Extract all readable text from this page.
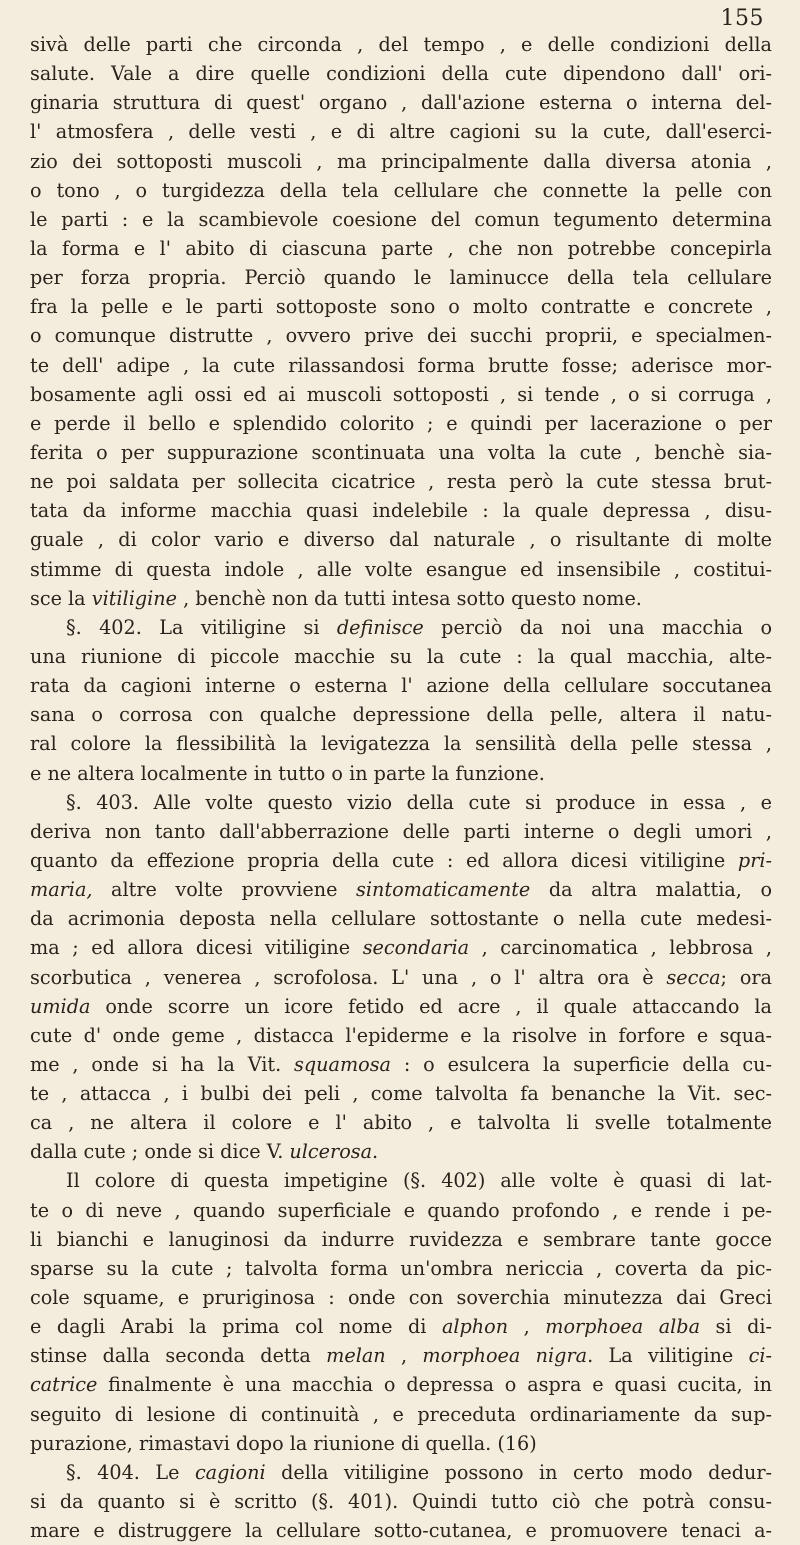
155
sivà delle parti che circonda , del tempo , e delle condizioni della
salute. Vale a dire quelle condizioni della cute dipendono dall' ori-
ginaria struttura di quest' organo , dall'azione esterna o interna del-
l' atmosfera , delle vesti , e di altre cagioni su la cute, dall'eserci-
zio dei sottoposti muscoli , ma principalmente dalla diversa atonia ,
o tono , o turgidezza della tela cellulare che connette la pelle con
le parti : e la scambievole coesione del comun tegumento determina
la forma e l' abito di ciascuna parte , che non potrebbe concepirla
per forza propria. Perciò quando le laminucce della tela cellulare
fra la pelle e le parti sottoposte sono o molto contratte e concrete ,
o comunque distrutte , ovvero prive dei succhi proprii, e specialmen-
te dell' adipe , la cute rilassandosi forma brutte fosse; aderisce mor-
bosamente agli ossi ed ai muscoli sottoposti , si tende , o si corruga ,
e perde il bello e splendido colorito ; e quindi per lacerazione o per
ferita o per suppurazione scontinuata una volta la cute , benchè sia-
ne poi saldata per sollecita cicatrice , resta però la cute stessa brut-
tata da informe macchia quasi indelebile : la quale depressa , disu-
guale , di color vario e diverso dal naturale , o risultante di molte
stimme di questa indole , alle volte esangue ed insensibile , costitui-
sce la vitiligine , benchè non da tutti intesa sotto questo nome.
§. 402. La vitiligine si definisce perciò da noi una macchia o
una riunione di piccole macchie su la cute : la qual macchia, alte-
rata da cagioni interne o esterna l' azione della cellulare soccutanea
sana o corrosa con qualche depressione della pelle, altera il natu-
ral colore la flessibilità la levigatezza la sensilità della pelle stessa ,
e ne altera localmente in tutto o in parte la funzione.
§. 403. Alle volte questo vizio della cute si produce in essa , e
deriva non tanto dall'abberrazione delle parti interne o degli umori ,
quanto da effezione propria della cute : ed allora dicesi vitiligine pri-
maria, altre volte provviene sintomaticamente da altra malattia, o
da acrimonia deposta nella cellulare sottostante o nella cute medesi-
ma ; ed allora dicesi vitiligine secondaria , carcinomatica , lebbrosa ,
scorbutica , venerea , scrofolosa. L' una , o l' altra ora è secca; ora
umida onde scorre un icore fetido ed acre , il quale attaccando la
cute d' onde geme , distacca l'epiderme e la risolve in forfore e squa-
me , onde si ha la Vit. squamosa : o esulcera la superficie della cu-
te , attacca , i bulbi dei peli , come talvolta fa benanche la Vit. sec-
ca , ne altera il colore e l' abito , e talvolta li svelle totalmente
dalla cute ; onde si dice V. ulcerosa.
Il colore di questa impetigine (§. 402) alle volte è quasi di lat-
te o di neve , quando superficiale e quando profondo , e rende i pe-
li bianchi e lanuginosi da indurre ruvidezza e sembrare tante gocce
sparse su la cute ; talvolta forma un'ombra nericcia , coverta da pic-
cole squame, e pruriginosa : onde con soverchia minutezza dai Greci
e dagli Arabi la prima col nome di alphon , morphoea alba si di-
stinse dalla seconda detta melan , morphoea nigra. La vilitigine ci-
catrice finalmente è una macchia o depressa o aspra e quasi cucita, in
seguito di lesione di continuità , e preceduta ordinariamente da sup-
purazione, rimastavi dopo la riunione di quella. (16)
§. 404. Le cagioni della vitiligine possono in certo modo dedur-
si da quanto si è scritto (§. 401). Quindi tutto ciò che potrà consu-
mare e distruggere la cellulare sotto-cutanea, e promuovere tenaci a-
